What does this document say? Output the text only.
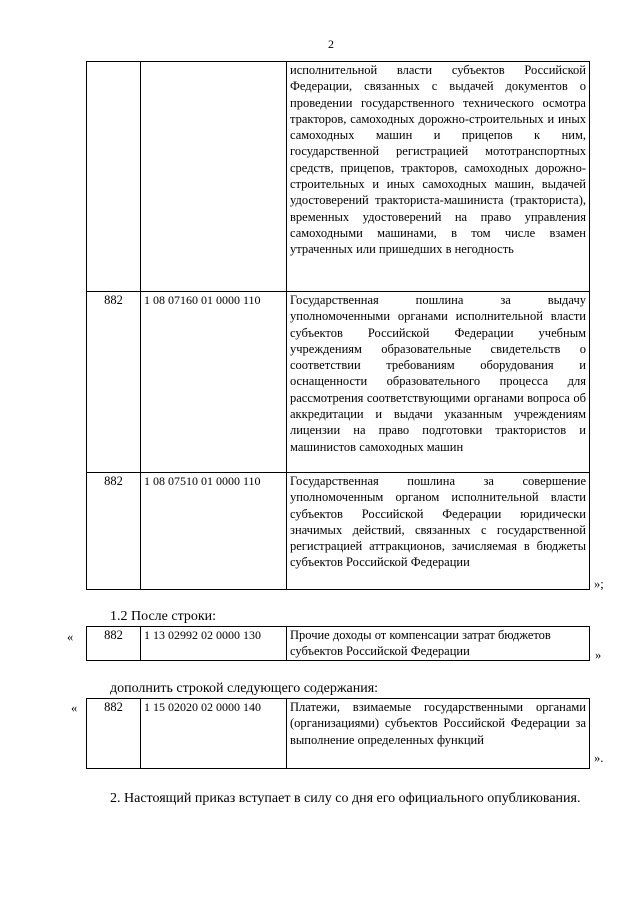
2
		исполнительной власти субъектов Российской Федерации, связанных с выдачей документов о проведении государственного технического осмотра тракторов, самоходных дорожно-строительных и иных самоходных машин и прицепов к ним, государственной регистрацией мототранспортных средств, прицепов, тракторов, самоходных дорожно-строительных и иных самоходных машин, выдачей удостоверений тракториста-машиниста (тракториста), временных удостоверений на право управления самоходными машинами, в том числе взамен утраченных или пришедших в негодность
882	1 08 07160 01 0000 110	Государственная пошлина за выдачу уполномоченными органами исполнительной власти субъектов Российской Федерации учебным учреждениям образовательные свидетельств о соответствии требованиям оборудования и оснащенности образовательного процесса для рассмотрения соответствующими органами вопроса об аккредитации и выдачи указанным учреждениям лицензии на право подготовки трактористов и машинистов самоходных машин
882	1 08 07510 01 0000 110	Государственная пошлина за совершение уполномоченным органом исполнительной власти субъектов Российской Федерации юридически значимых действий, связанных с государственной регистрацией аттракционов, зачисляемая в бюджеты субъектов Российской Федерации
»;
1.2 После строки:
« 882	1 13 02992 02 0000 130	Прочие доходы от компенсации затрат бюджетов субъектов Российской Федерации	»
дополнить строкой следующего содержания:
« 882	1 15 02020 02 0000 140	Платежи, взимаемые государственными органами (организациями) субъектов Российской Федерации за выполнение определенных функций
».
2. Настоящий приказ вступает в силу со дня его официального опубликования.
